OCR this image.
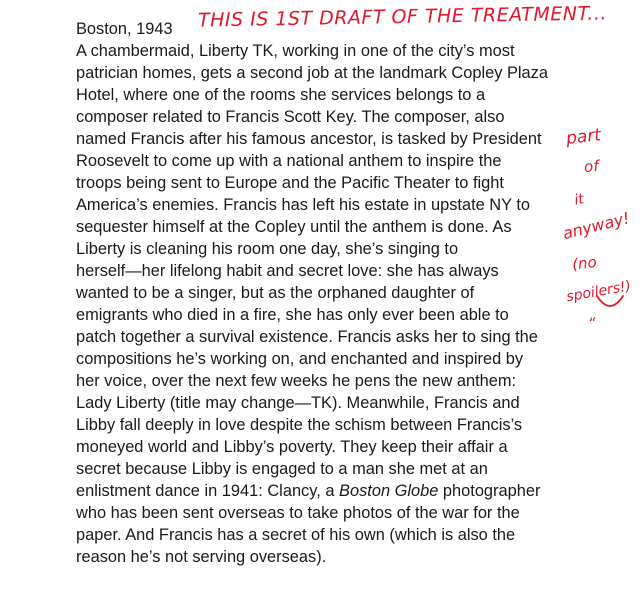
Boston, 1943
A chambermaid, Liberty TK, working in one of the city’s most
patrician homes, gets a second job at the landmark Copley Plaza
Hotel, where one of the rooms she services belongs to a
composer related to Francis Scott Key. The composer, also
named Francis after his famous ancestor, is tasked by President
Roosevelt to come up with a national anthem to inspire the
troops being sent to Europe and the Pacific Theater to fight
America’s enemies. Francis has left his estate in upstate NY to
sequester himself at the Copley until the anthem is done. As
Liberty is cleaning his room one day, she’s singing to
herself—her lifelong habit and secret love: she has always
wanted to be a singer, but as the orphaned daughter of
emigrants who died in a fire, she has only ever been able to
patch together a survival existence. Francis asks her to sing the
compositions he’s working on, and enchanted and inspired by
her voice, over the next few weeks he pens the new anthem:
Lady Liberty (title may change—TK). Meanwhile, Francis and
Libby fall deeply in love despite the schism between Francis’s
moneyed world and Libby’s poverty. They keep their affair a
secret because Libby is engaged to a man she met at an
enlistment dance in 1941: Clancy, a Boston Globe photographer
who has been sent overseas to take photos of the war for the
paper. And Francis has a secret of his own (which is also the
reason he’s not serving overseas).
THIS IS 1ST DRAFT OF THE TREATMENT...
part
of
it
anyway!
(no
spoilers!)
“
